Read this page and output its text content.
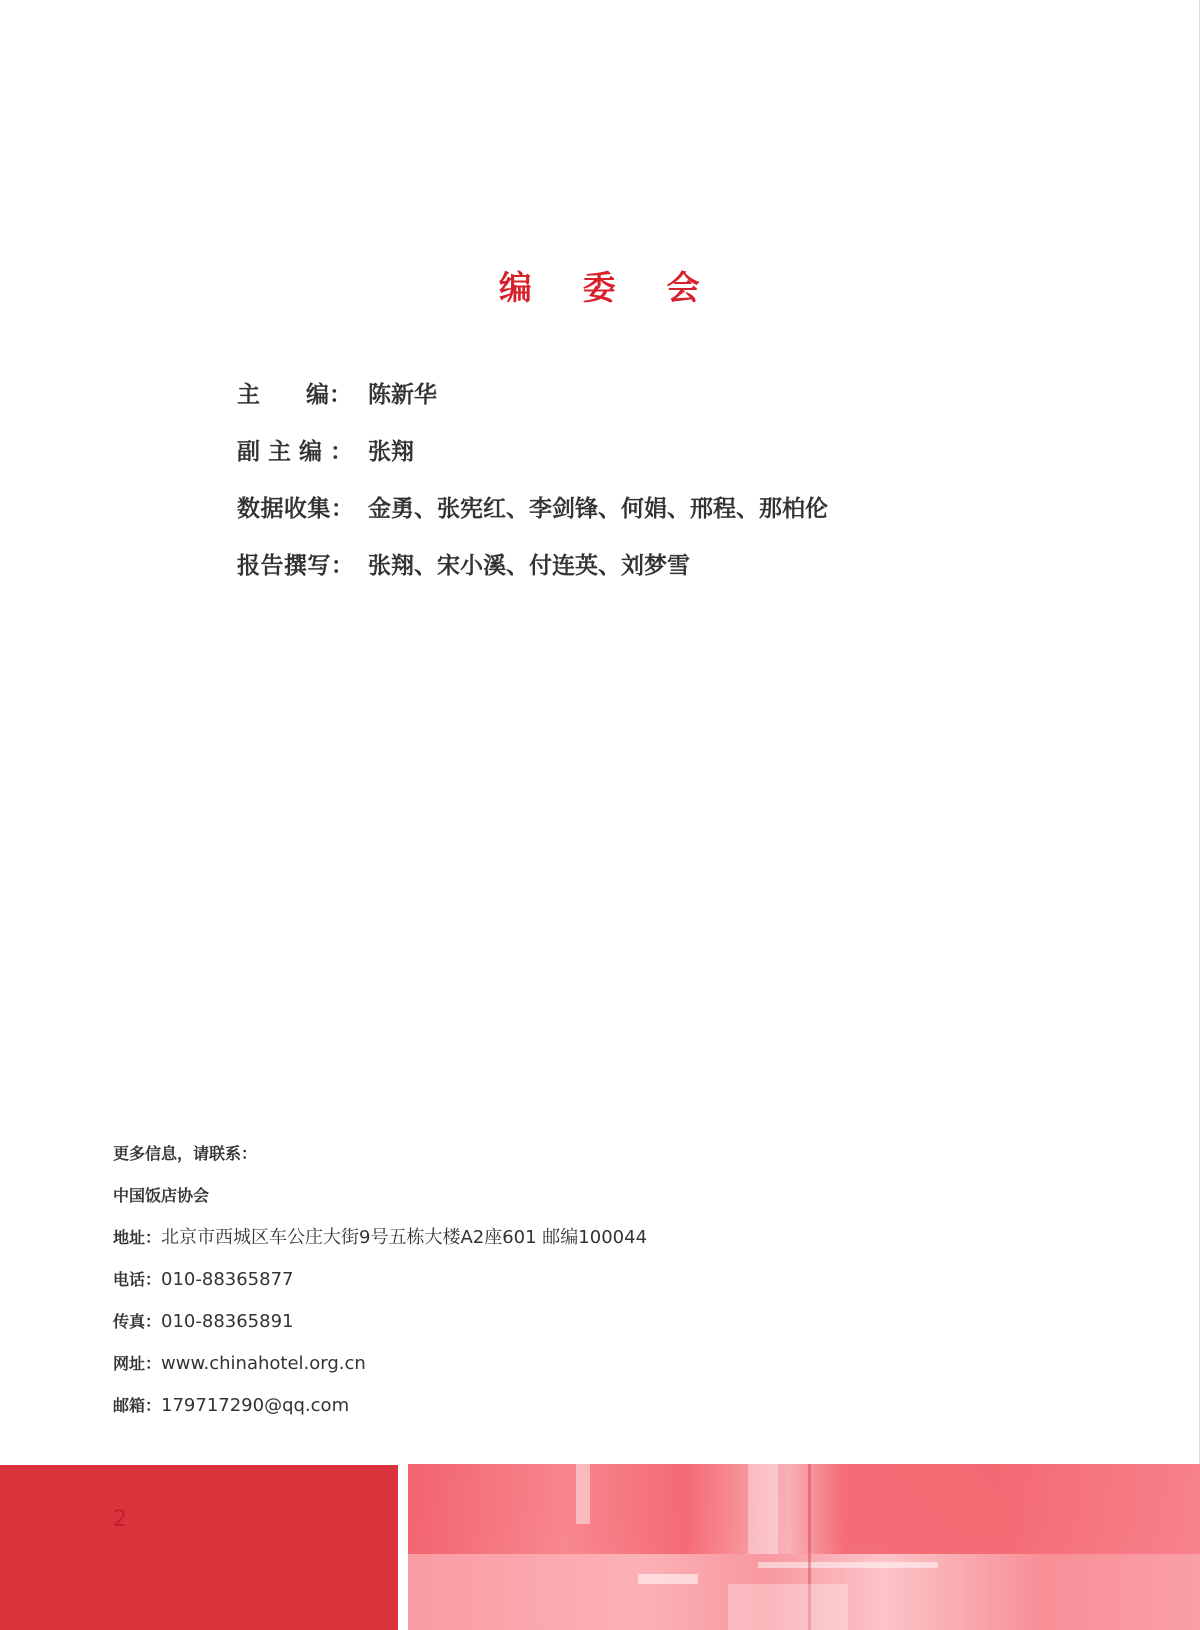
编 委 会
主　　编： 陈新华
副 主 编 ： 张翔
数据收集： 金勇、张宪红、李剑锋、何娟、邢程、那柏伦
报告撰写： 张翔、宋小溪、付连英、刘梦雪
更多信息，请联系：
中国饭店协会
地址：北京市西城区车公庄大街9号五栋大楼A2座601 邮编100044
电话：010-88365877
传真：010-88365891
网址：www.chinahotel.org.cn
邮箱：179717290@qq.com
2
